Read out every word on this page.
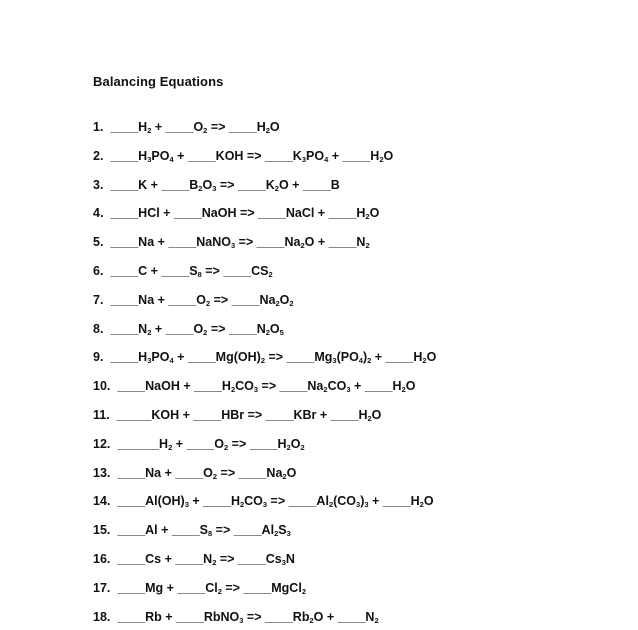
Balancing Equations
1.  $\_\_\_\_H_2$ + $\_\_\_\_O_2$ => $\_\_\_\_H_2O$
2.  $\_\_\_\_H_3PO_4$ + ____KOH => $\_\_\_\_K_3PO_4$ + $\_\_\_\_H_2O$
3.  ____K + $\_\_\_\_B_2O_3$ => $\_\_\_\_K_2O$ + ____B
4.  ____HCl + ____NaOH => ____NaCl + $\_\_\_\_H_2O$
5.  ____Na + ____NaNO$_3$ => $\_\_\_\_Na_2O$ + $\_\_\_\_N_2$
6.  ____C + $\_\_\_\_S_8$ => $\_\_\_\_CS_2$
7.  ____Na + $\_\_\_\_O_2$ => $\_\_\_\_Na_2O_2$
8.  $\_\_\_\_N_2$ + $\_\_\_\_O_2$ => $\_\_\_\_N_2O_5$
9.  $\_\_\_\_H_3PO_4$ + $\_\_\_\_Mg(OH)_2$ => $\_\_\_\_Mg_3(PO_4)_2$ + $\_\_\_\_H_2O$
10.  ____NaOH + $\_\_\_\_H_2CO_3$ => $\_\_\_\_Na_2CO_3$ + $\_\_\_\_H_2O$
11.  _____KOH + ____HBr => ____KBr + $\_\_\_\_H_2O$
12.  $\_\_\_\_\_\_H_2$ + $\_\_\_\_O_2$ => $\_\_\_\_H_2O_2$
13.  ____Na + $\_\_\_\_O_2$ => $\_\_\_\_Na_2O$
14.  $\_\_\_\_Al(OH)_3$ + $\_\_\_\_H_2CO_3$ => $\_\_\_\_Al_2(CO_3)_3$ + $\_\_\_\_H_2O$
15.  ____Al + $\_\_\_\_S_8$ => $\_\_\_\_Al_2S_3$
16.  ____Cs + $\_\_\_\_N_2$ => $\_\_\_\_Cs_3N$
17.  ____Mg + $\_\_\_\_Cl_2$ => ____MgCl$_2$
18.  ____Rb + ____RbNO$_3$ => $\_\_\_\_Rb_2O$ + $\_\_\_\_N_2$
